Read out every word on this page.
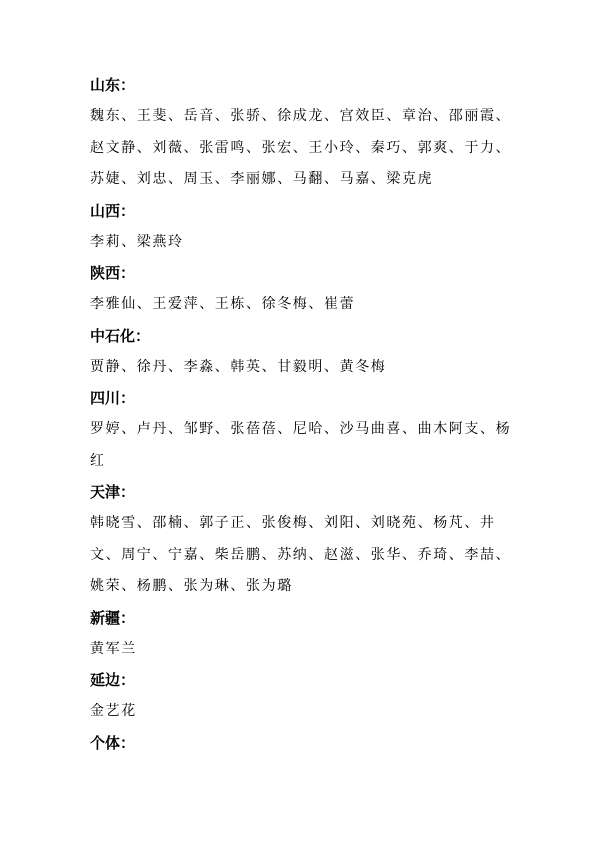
山东：

魏东、王斐、岳音、张骄、徐成龙、宫效臣、章治、邵丽霞、赵文静、刘薇、张雷鸣、张宏、王小玲、秦巧、郭爽、于力、苏婕、刘忠、周玉、李丽娜、马翻、马嘉、梁克虎

山西：

李莉、梁燕玲

陕西：

李雅仙、王爱萍、王栋、徐冬梅、崔蕾

中石化：

贾静、徐丹、李淼、韩英、甘毅明、黄冬梅

四川：

罗婷、卢丹、邹野、张蓓蓓、尼哈、沙马曲喜、曲木阿支、杨红

天津：

韩晓雪、邵楠、郭子正、张俊梅、刘阳、刘晓苑、杨芃、井文、周宁、宁嘉、柴岳鹏、苏纳、赵滋、张华、乔琦、李喆、姚荣、杨鹏、张为琳、张为璐

新疆：

黄军兰

延边：

金艺花

个体：
